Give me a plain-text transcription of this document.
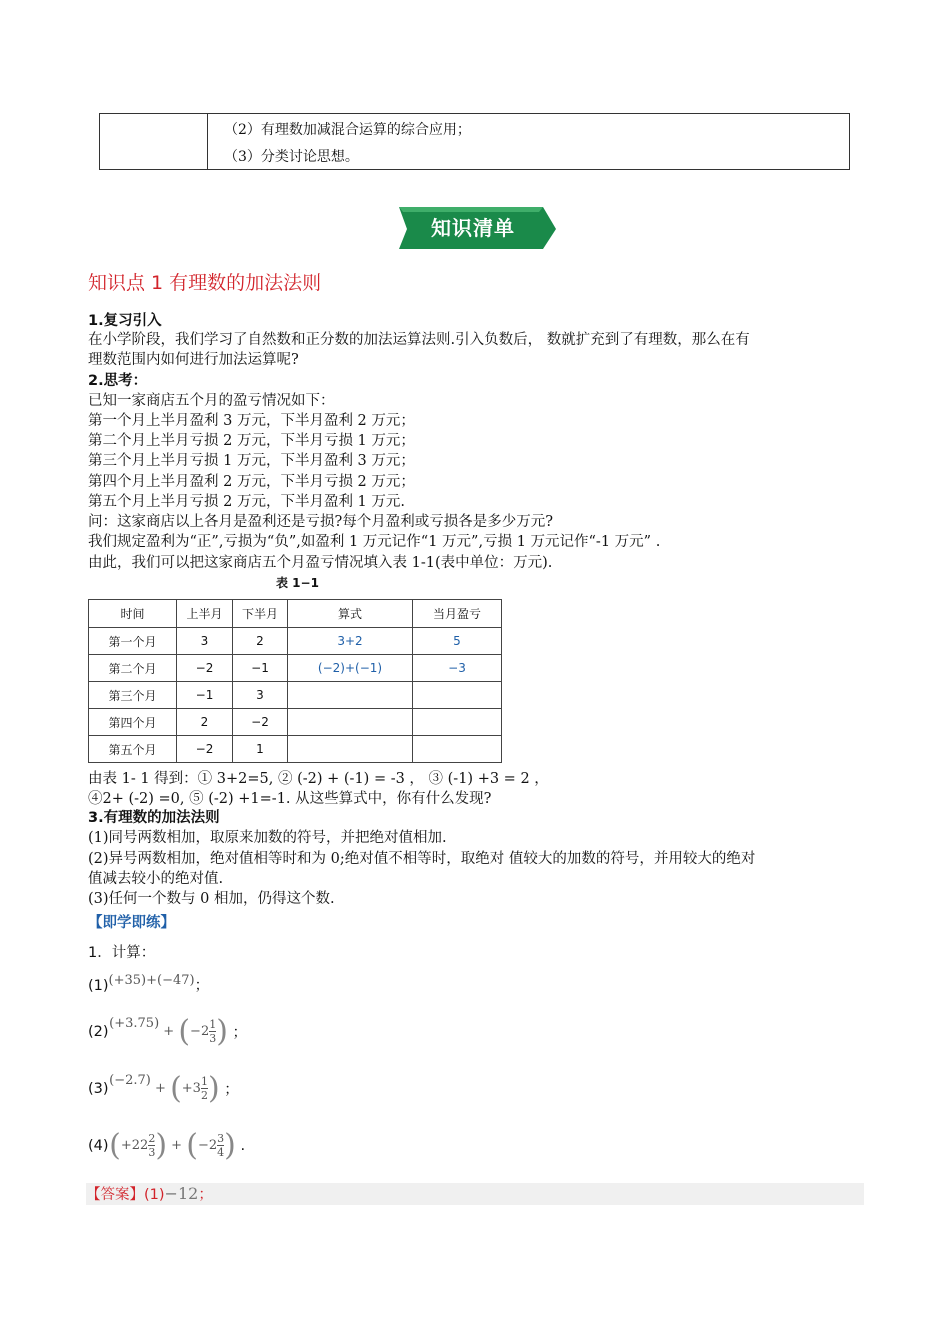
（2）有理数加减混合运算的综合应用；
（3）分类讨论思想。
知识清单
知识点 1 有理数的加法法则
1.复习引入
在小学阶段，我们学习了自然数和正分数的加法运算法则.引入负数后， 数就扩充到了有理数，那么在有
理数范围内如何进行加法运算呢?
2.思考：
已知一家商店五个月的盈亏情况如下：
第一个月上半月盈利 3 万元，下半月盈利 2 万元；
第二个月上半月亏损 2 万元，下半月亏损 1 万元；
第三个月上半月亏损 1 万元，下半月盈利 3 万元；
第四个月上半月盈利 2 万元，下半月亏损 2 万元；
第五个月上半月亏损 2 万元，下半月盈利 1 万元.
问：这家商店以上各月是盈利还是亏损?每个月盈利或亏损各是多少万元?
我们规定盈利为“正”,亏损为“负”,如盈利 1 万元记作“1 万元”,亏损 1 万元记作“-1 万元” .
由此，我们可以把这家商店五个月盈亏情况填入表 1-1(表中单位：万元).
表 1−1
时间	上半月	下半月	算式	当月盈亏
第一个月	3	2	3+2	5
第二个月	−2	−1	(−2)+(−1)	−3
第三个月	−1	3		
第四个月	2	−2		
第五个月	−2	1		
由表 1- 1 得到：① 3+2=5, ② (-2) + (-1) = -3 ， ③ (-1) +3 = 2 ，
④2+ (-2) =0, ⑤ (-2) +1=-1. 从这些算式中，你有什么发现?
3.有理数的加法法则
(1)同号两数相加，取原来加数的符号，并把绝对值相加.
(2)异号两数相加，绝对值相等时和为 0;绝对值不相等时，取绝对 值较大的加数的符号，并用较大的绝对
值减去较小的绝对值.
(3)任何一个数与 0 相加，仍得这个数.
【即学即练】
1．计算：
(1)(+35)+(−47)；
(2) $(+3.75) + (-2 \frac{1}{3}$ ) ；
(3) $(-2.7) + (+3 \frac{1}{2}$ ) ；
(4) ($+22 \frac{2}{3}$ ) + ($-2 \frac{3}{4}$ ) .
【答案】(1)−12；
